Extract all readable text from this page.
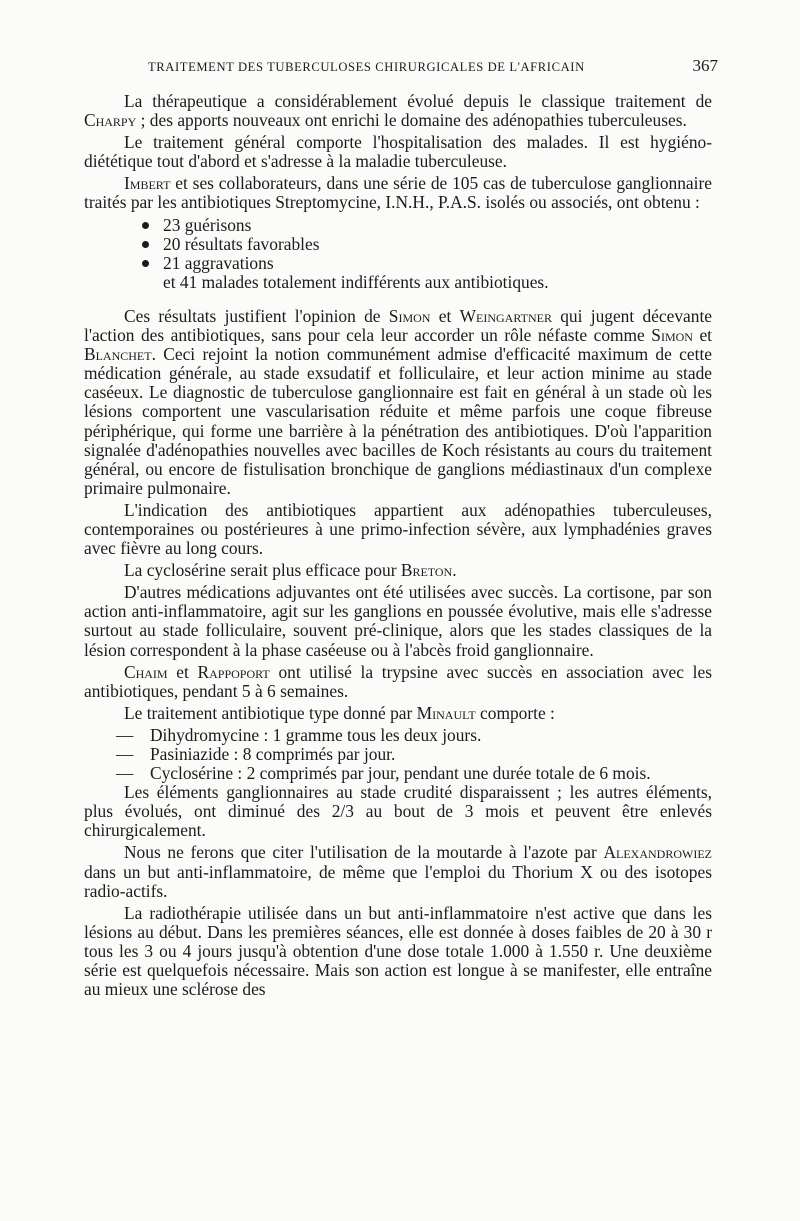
TRAITEMENT DES TUBERCULOSES CHIRURGICALES DE L'AFRICAIN	367

La thérapeutique a considérablement évolué depuis le classique traitement de Charpy ; des apports nouveaux ont enrichi le domaine des adénopathies tuberculeuses.

Le traitement général comporte l'hospitalisation des malades. Il est hygiéno-diététique tout d'abord et s'adresse à la maladie tuberculeuse.

Imbert et ses collaborateurs, dans une série de 105 cas de tuberculose ganglionnaire traités par les antibiotiques Streptomycine, I.N.H., P.A.S. isolés ou associés, ont obtenu :

23 guérisons
20 résultats favorables
21 aggravations
et 41 malades totalement indifférents aux antibiotiques.

Ces résultats justifient l'opinion de Simon et Weingartner qui jugent décevante l'action des antibiotiques, sans pour cela leur accorder un rôle néfaste comme Simon et Blanchet. Ceci rejoint la notion communément admise d'efficacité maximum de cette médication générale, au stade exsudatif et folliculaire, et leur action minime au stade caséeux. Le diagnostic de tuberculose ganglionnaire est fait en général à un stade où les lésions comportent une vascularisation réduite et même parfois une coque fibreuse périphérique, qui forme une barrière à la pénétration des antibiotiques. D'où l'apparition signalée d'adénopathies nouvelles avec bacilles de Koch résistants au cours du traitement général, ou encore de fistulisation bronchique de ganglions médiastinaux d'un complexe primaire pulmonaire.

L'indication des antibiotiques appartient aux adénopathies tuberculeuses, contemporaines ou postérieures à une primo-infection sévère, aux lymphadénies graves avec fièvre au long cours.

La cyclosérine serait plus efficace pour Breton.

D'autres médications adjuvantes ont été utilisées avec succès. La cortisone, par son action anti-inflammatoire, agit sur les ganglions en poussée évolutive, mais elle s'adresse surtout au stade folliculaire, souvent pré-clinique, alors que les stades classiques de la lésion correspondent à la phase caséeuse ou à l'abcès froid ganglionnaire.

Chaim et Rappoport ont utilisé la trypsine avec succès en association avec les antibiotiques, pendant 5 à 6 semaines.

Le traitement antibiotique type donné par Minault comporte :

— Dihydromycine : 1 gramme tous les deux jours.
— Pasiniazide : 8 comprimés par jour.
— Cyclosérine : 2 comprimés par jour, pendant une durée totale de 6 mois.

Les éléments ganglionnaires au stade crudité disparaissent ; les autres éléments, plus évolués, ont diminué des 2/3 au bout de 3 mois et peuvent être enlevés chirurgicalement.

Nous ne ferons que citer l'utilisation de la moutarde à l'azote par Alexandrowiez dans un but anti-inflammatoire, de même que l'emploi du Thorium X ou des isotopes radio-actifs.

La radiothérapie utilisée dans un but anti-inflammatoire n'est active que dans les lésions au début. Dans les premières séances, elle est donnée à doses faibles de 20 à 30 r tous les 3 ou 4 jours jusqu'à obtention d'une dose totale 1.000 à 1.550 r. Une deuxième série est quelquefois nécessaire. Mais son action est longue à se manifester, elle entraîne au mieux une sclérose des
